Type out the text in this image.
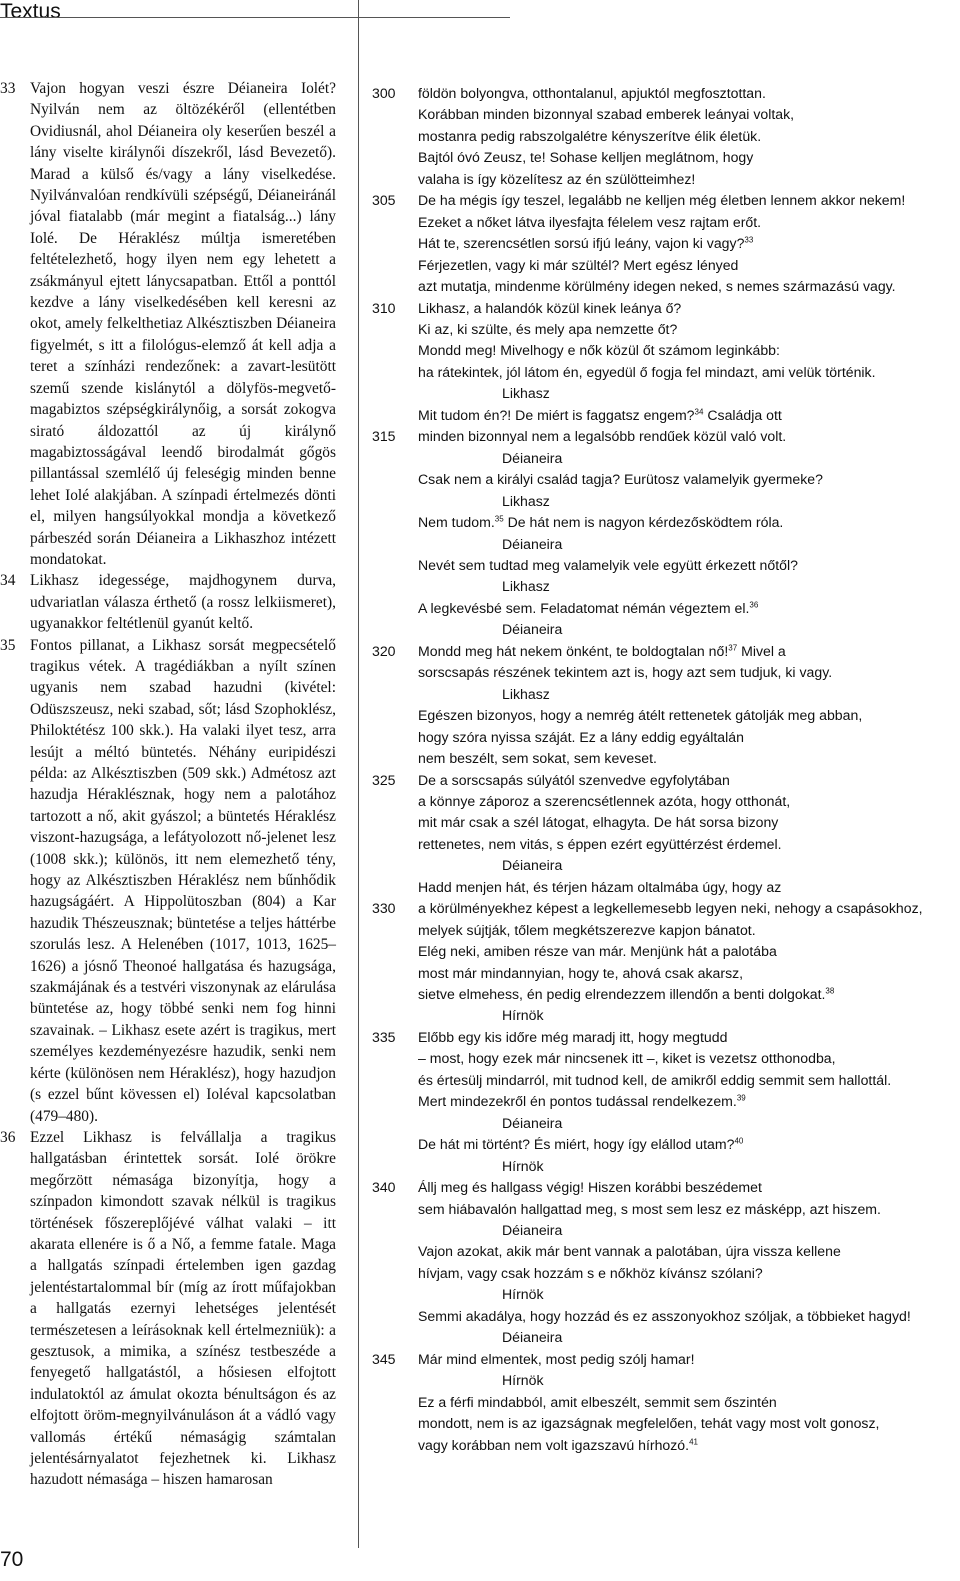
Textus
33 Vajon hogyan veszi észre Déianeira Iolét? Nyilván nem az öltözékéről (ellentétben Ovidiusnál, ahol Déianeira oly keserűen beszél a lány viselte királynői díszekről, lásd Bevezető). Marad a külső és/vagy a lány viselkedése. Nyilvánvalóan rendkívüli szépségű, Déianeiránál jóval fiatalabb (már megint a fiatalság...) lány Iolé. De Héraklész múltja ismeretében feltételezhető, hogy ilyen nem egy lehetett a zsákmányul ejtett lánycsapatban. Ettől a ponttól kezdve a lány viselkedésében kell keresni az okot, amely felkelthetiaz Alkésztiszben Déianeira figyelmét, s itt a filológus-elemző át kell adja a teret a színházi rendezőnek: a zavart-lesütött szemű szende kislánytól a dölyfös-megvető-magabiztos szépségkirálynőig, a sorsát zokogva sirató áldozattól az új királynő magabiztosságával leendő birodalmát gőgös pillantással szemlélő új feleségig minden benne lehet Iolé alakjában. A színpadi értelmezés dönti el, milyen hangsúlyokkal mondja a következő párbeszéd során Déianeira a Likhaszhoz intézett mondatokat.
34 Likhasz idegessége, majdhogynem durva, udvariatlan válasza érthető (a rossz lelkiismeret), ugyanakkor feltétlenül gyanút keltő.
35 Fontos pillanat, a Likhasz sorsát megpecsételő tragikus vétek. A tragédiákban a nyílt színen ugyanis nem szabad hazudni (kivétel: Odüszszeusz, neki szabad, sőt; lásd Szophoklész, Philoktétész 100 skk.). Ha valaki ilyet tesz, arra lesújt a méltó büntetés. Néhány euripidészi példa: az Alkésztiszben (509 skk.) Admétosz azt hazudja Héraklésznak, hogy nem a palotához tartozott a nő, akit gyászol; a büntetés Héraklész viszont-hazugsága, a lefátyolozott nő-jelenet lesz (1008 skk.); különös, itt nem elemezhető tény, hogy az Alkésztiszben Héraklész nem bűnhődik hazugságáért. A Hippolütoszban (804) a Kar hazudik Thészeusznak; büntetése a teljes háttérbe szorulás lesz. A Helenében (1017, 1013, 1625–1626) a jósnő Theonoé hallgatása és hazugsága, szakmájának és a testvéri viszonynak az elárulása büntetése az, hogy többé senki nem fog hinni szavainak. – Likhasz esete azért is tragikus, mert személyes kezdeményezésre hazudik, senki nem kérte (különösen nem Héraklész), hogy hazudjon (s ezzel bűnt kövessen el) Ioléval kapcsolatban (479–480).
36 Ezzel Likhasz is felvállalja a tragikus hallgatásban érintettek sorsát. Iolé örökre megőrzött némasága bizonyítja, hogy a színpadon kimondott szavak nélkül is tragikus történések főszereplőjévé válhat valaki – itt akarata ellenére is ő a Nő, a femme fatale. Maga a hallgatás színpadi értelemben igen gazdag jelentéstartalommal bír (míg az írott műfajokban a hallgatás ezernyi lehetséges jelentését természetesen a leírásoknak kell értelmezniük): a gesztusok, a mimika, a színész testbeszéde a fenyegető hallgatástól, a hősiesen elfojtott indulatoktól az ámulat okozta bénultságon és az elfojtott öröm-megnyilvánuláson át a vádló vagy vallomás értékű némaságig számtalan jelentésárnyalatot fejezhetnek ki. Likhasz hazudott némasága – hiszen hamarosan
300 földön bolyongva, otthontalanul, apjuktól megfosztottan.
Korábban minden bizonnyal szabad emberek leányai voltak,
mostanra pedig rabszolgalétre kényszerítve élik életük.
Bajtól óvó Zeusz, te! Sohase kelljen meglátnom, hogy
valaha is így közelítesz az én szülötteimhez!
305 De ha mégis így teszel, legalább ne kelljen még életben lennem akkor nekem!
Ezeket a nőket látva ilyesfajta félelem vesz rajtam erőt.
Hát te, szerencsétlen sorsú ifjú leány, vajon ki vagy?$^{33}$
Férjezetlen, vagy ki már szültél? Mert egész lényed
azt mutatja, mindenme körülmény idegen neked, s nemes származású vagy.
310 Likhasz, a halandók közül kinek leánya ő?
Ki az, ki szülte, és mely apa nemzette őt?
Mondd meg! Mivelhogy e nők közül őt számom leginkább:
ha rátekintek, jól látom én, egyedül ő fogja fel mindazt, ami velük történik.
Likhasz
Mit tudom én?! De miért is faggatsz engem?$^{34}$ Családja ott
315 minden bizonnyal nem a legalsóbb rendűek közül való volt.
Déianeira
Csak nem a királyi család tagja? Eurütosz valamelyik gyermeke?
Likhasz
Nem tudom.$^{35}$ De hát nem is nagyon kérdezősködtem róla.
Déianeira
Nevét sem tudtad meg valamelyik vele együtt érkezett nőtől?
Likhasz
A legkevésbé sem. Feladatomat némán végeztem el.$^{36}$
Déianeira
320 Mondd meg hát nekem önként, te boldogtalan nő!$^{37}$ Mivel a
sorscsapás részének tekintem azt is, hogy azt sem tudjuk, ki vagy.
Likhasz
Egészen bizonyos, hogy a nemrég átélt rettenetek gátolják meg abban,
hogy szóra nyissa száját. Ez a lány eddig egyáltalán
nem beszélt, sem sokat, sem keveset.
325 De a sorscsapás súlyától szenvedve egyfolytában
a könnye záporoz a szerencsétlennek azóta, hogy otthonát,
mit már csak a szél látogat, elhagyta. De hát sorsa bizony
rettenetes, nem vitás, s éppen ezért együttérzést érdemel.
Déianeira
Hadd menjen hát, és térjen házam oltalmába úgy, hogy az
330 a körülményekhez képest a legkellemesebb legyen neki, nehogy a csapásokhoz,
melyek sújtják, tőlem megkétszerezve kapjon bánatot.
Elég neki, amiben része van már. Menjünk hát a palotába
most már mindannyian, hogy te, ahová csak akarsz,
sietve elmehess, én pedig elrendezzem illendőn a benti dolgokat.$^{38}$
Hírnök
335 Előbb egy kis időre még maradj itt, hogy megtudd
– most, hogy ezek már nincsenek itt –, kiket is vezetsz otthonodba,
és értesülj mindarról, mit tudnod kell, de amikről eddig semmit sem hallottál.
Mert mindezekről én pontos tudással rendelkezem.$^{39}$
Déianeira
De hát mi történt? És miért, hogy így elállod utam?$^{40}$
Hírnök
340 Állj meg és hallgass végig! Hiszen korábbi beszédemet
sem hiábavalón hallgattad meg, s most sem lesz ez másképp, azt hiszem.
Déianeira
Vajon azokat, akik már bent vannak a palotában, újra vissza kellene
hívjam, vagy csak hozzám s e nőkhöz kívánsz szólani?
Hírnök
Semmi akadálya, hogy hozzád és ez asszonyokhoz szóljak, a többieket hagyd!
Déianeira
345 Már mind elmentek, most pedig szólj hamar!
Hírnök
Ez a férfi mindabból, amit elbeszélt, semmit sem őszintén
mondott, nem is az igazságnak megfelelően, tehát vagy most volt gonosz,
vagy korábban nem volt igazszavú hírhozó.$^{41}$
70
